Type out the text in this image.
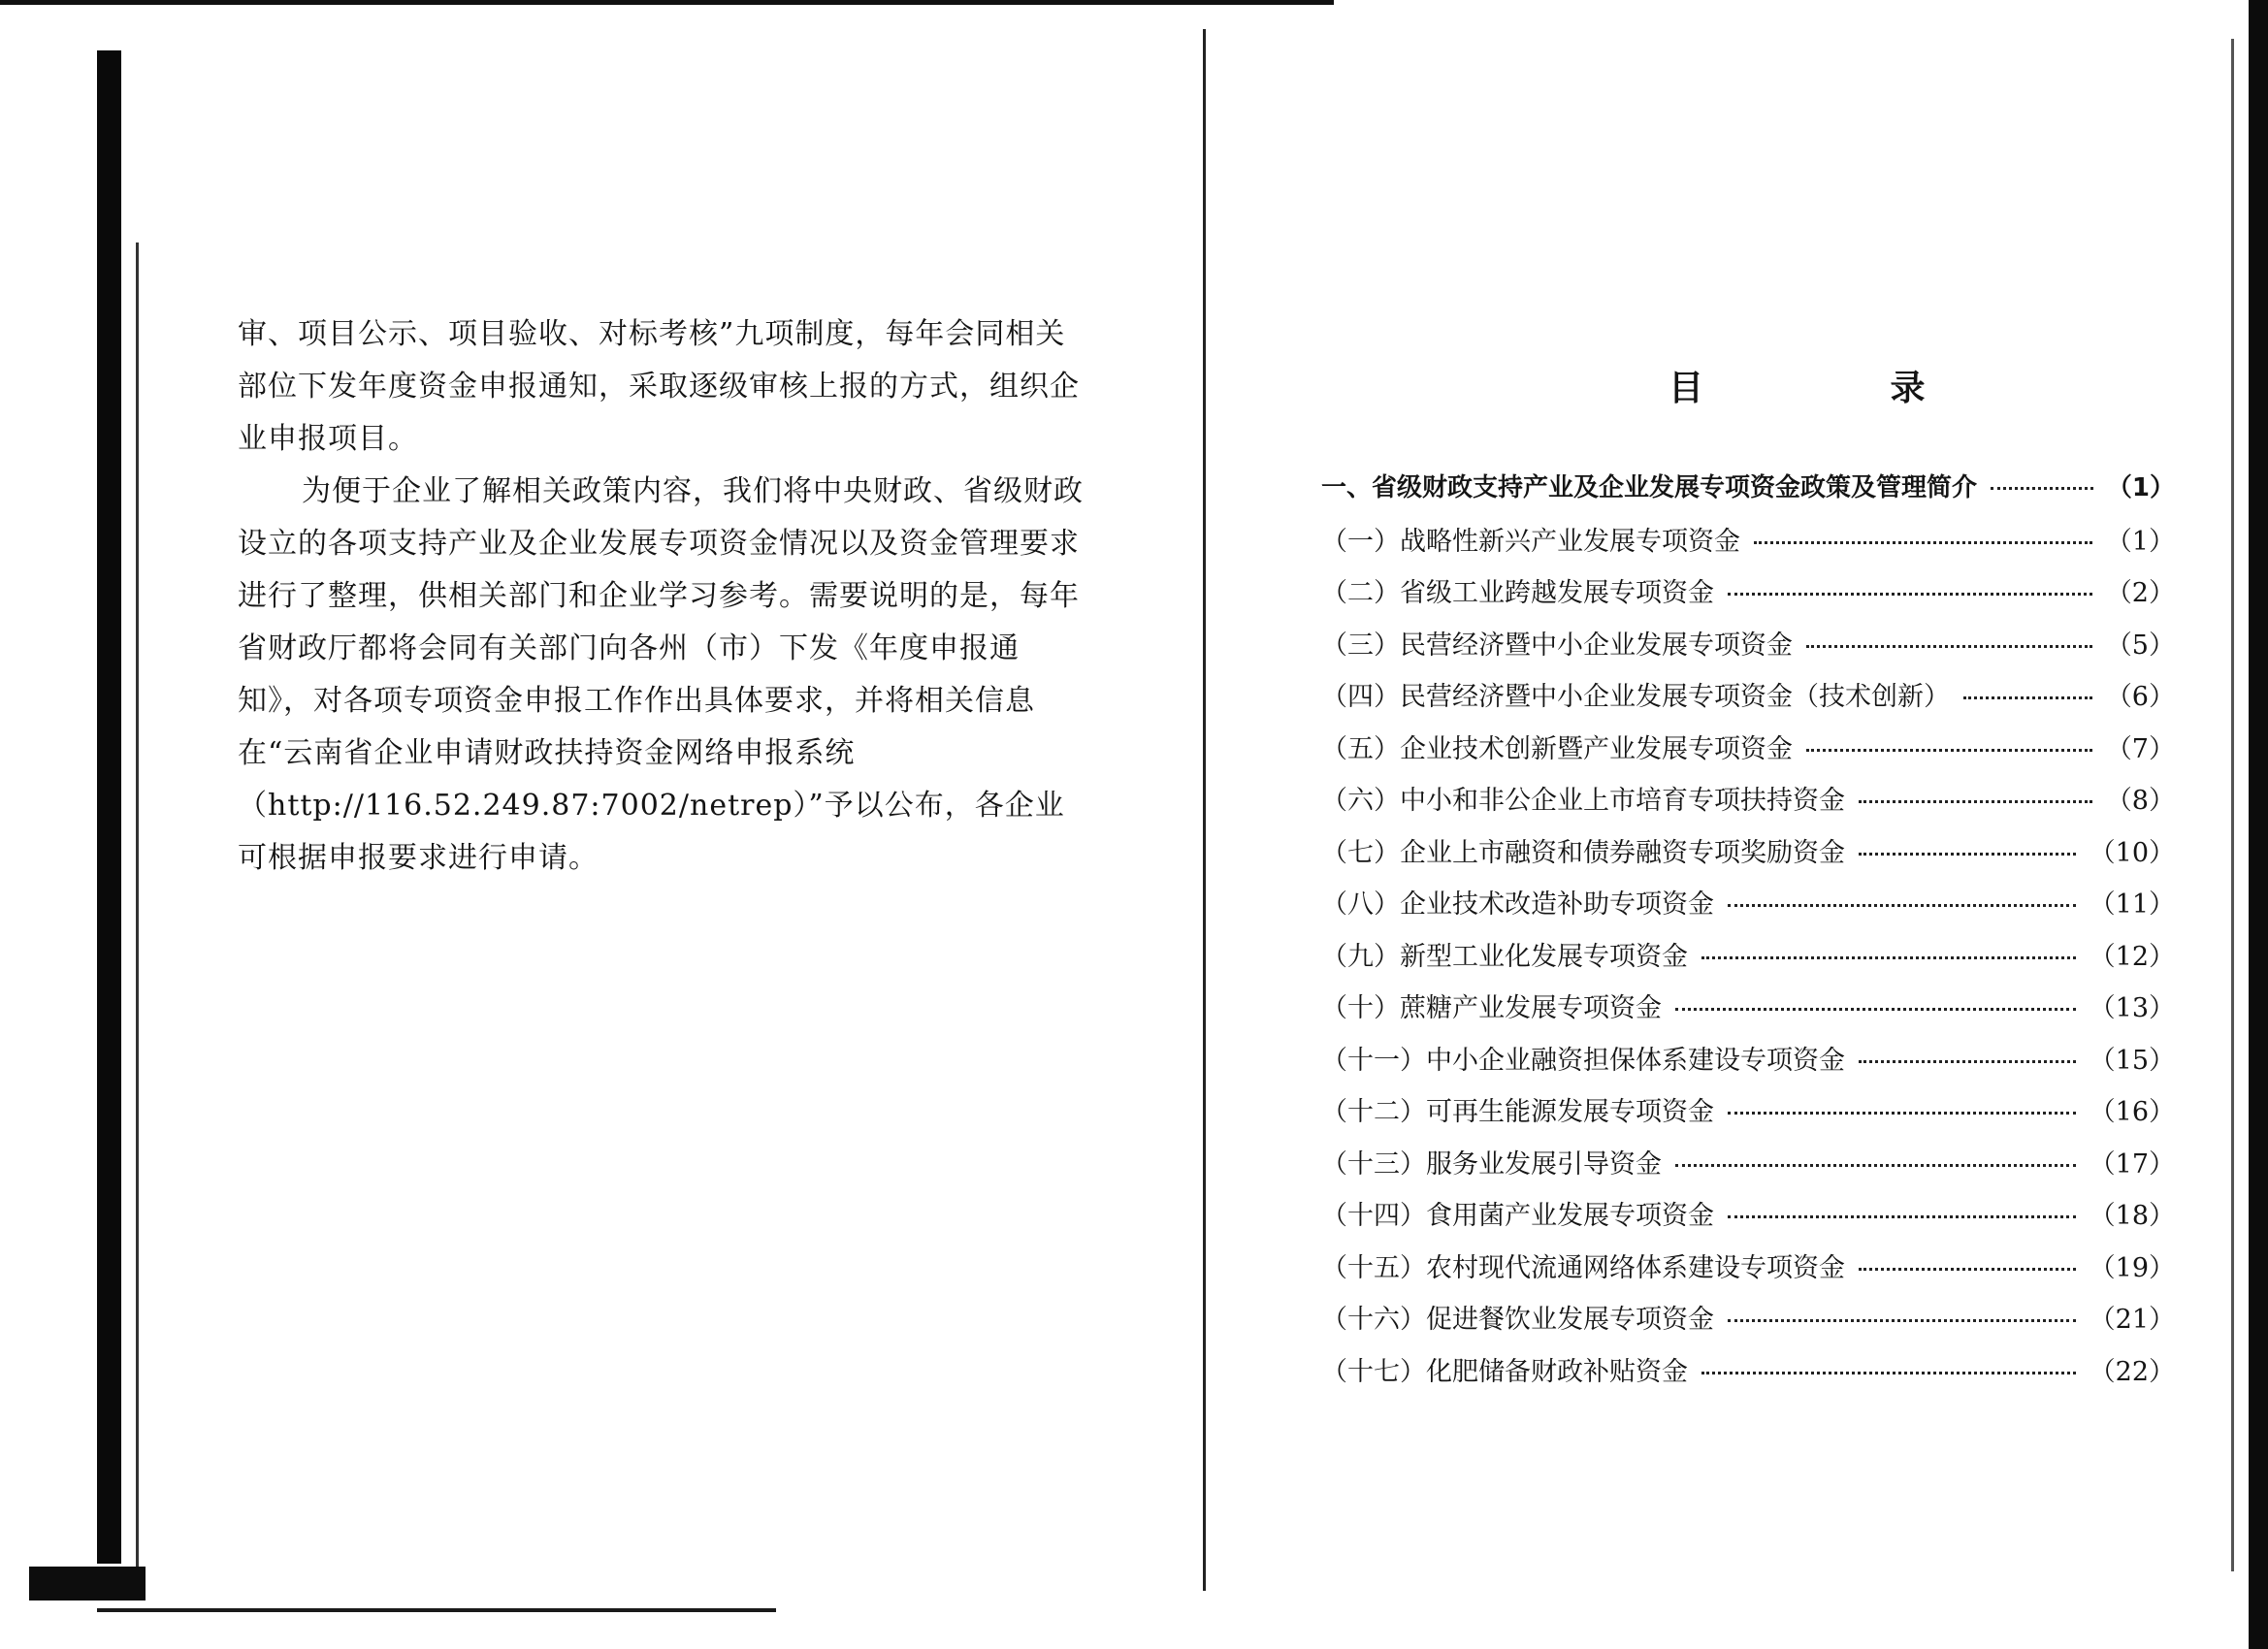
审、项目公示、项目验收、对标考核”九项制度，每年会同相关部位下发年度资金申报通知，采取逐级审核上报的方式，组织企业申报项目。

为便于企业了解相关政策内容，我们将中央财政、省级财政设立的各项支持产业及企业发展专项资金情况以及资金管理要求进行了整理，供相关部门和企业学习参考。需要说明的是，每年省财政厅都将会同有关部门向各州（市）下发《年度申报通知》，对各项专项资金申报工作作出具体要求，并将相关信息在“云南省企业申请财政扶持资金网络申报系统（http://116.52.249.87:7002/netrep）”予以公布，各企业可根据申报要求进行申请。

目 录
一、省级财政支持产业及企业发展专项资金政策及管理简介	（1）
（一）战略性新兴产业发展专项资金	（1）
（二）省级工业跨越发展专项资金	（2）
（三）民营经济暨中小企业发展专项资金	（5）
（四）民营经济暨中小企业发展专项资金（技术创新）	（6）
（五）企业技术创新暨产业发展专项资金	（7）
（六）中小和非公企业上市培育专项扶持资金	（8）
（七）企业上市融资和债券融资专项奖励资金	（10）
（八）企业技术改造补助专项资金	（11）
（九）新型工业化发展专项资金	（12）
（十）蔗糖产业发展专项资金	（13）
（十一）中小企业融资担保体系建设专项资金	（15）
（十二）可再生能源发展专项资金	（16）
（十三）服务业发展引导资金	（17）
（十四）食用菌产业发展专项资金	（18）
（十五）农村现代流通网络体系建设专项资金	（19）
（十六）促进餐饮业发展专项资金	（21）
（十七）化肥储备财政补贴资金	（22）
